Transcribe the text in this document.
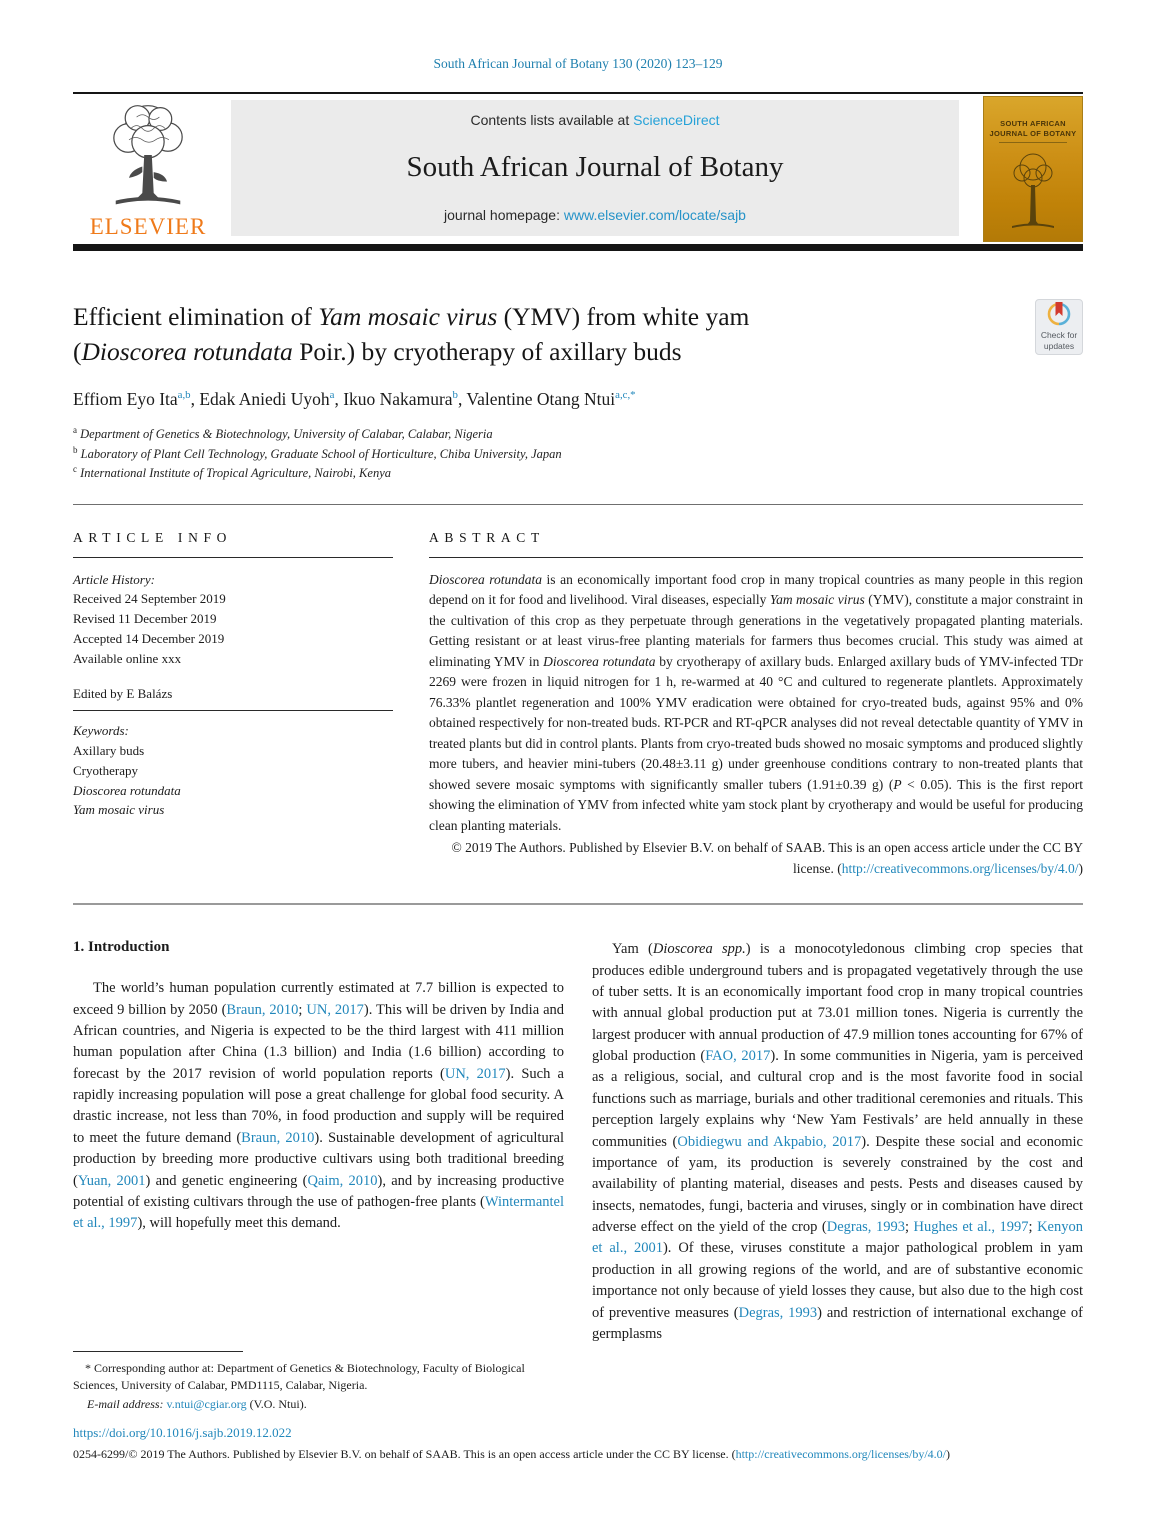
South African Journal of Botany 130 (2020) 123–129
ELSEVIER
Contents lists available at ScienceDirect
South African Journal of Botany
journal homepage: www.elsevier.com/locate/sajb
SOUTH AFRICAN
JOURNAL OF BOTANY
Efficient elimination of Yam mosaic virus (YMV) from white yam
(Dioscorea rotundata Poir.) by cryotherapy of axillary buds
Check for
updates
Effiom Eyo Ita$^{a,b}$, Edak Aniedi Uyoh$^a$, Ikuo Nakamura$^b$, Valentine Otang Ntui$^{a,c,*}$
$^a$ Department of Genetics & Biotechnology, University of Calabar, Calabar, Nigeria
$^b$ Laboratory of Plant Cell Technology, Graduate School of Horticulture, Chiba University, Japan
$^c$ International Institute of Tropical Agriculture, Nairobi, Kenya
ARTICLE INFO
Article History:
Received 24 September 2019
Revised 11 December 2019
Accepted 14 December 2019
Available online xxx
Edited by E Balázs
Keywords:
Axillary buds
Cryotherapy
Dioscorea rotundata
Yam mosaic virus
ABSTRACT
Dioscorea rotundata is an economically important food crop in many tropical countries as many people in this region depend on it for food and livelihood. Viral diseases, especially Yam mosaic virus (YMV), constitute a major constraint in the cultivation of this crop as they perpetuate through generations in the vegetatively propagated planting materials. Getting resistant or at least virus-free planting materials for farmers thus becomes crucial. This study was aimed at eliminating YMV in Dioscorea rotundata by cryotherapy of axillary buds. Enlarged axillary buds of YMV-infected TDr 2269 were frozen in liquid nitrogen for 1 h, re-warmed at 40 °C and cultured to regenerate plantlets. Approximately 76.33% plantlet regeneration and 100% YMV eradication were obtained for cryo-treated buds, against 95% and 0% obtained respectively for non-treated buds. RT-PCR and RT-qPCR analyses did not reveal detectable quantity of YMV in treated plants but did in control plants. Plants from cryo-treated buds showed no mosaic symptoms and produced slightly more tubers, and heavier mini-tubers (20.48±3.11 g) under greenhouse conditions contrary to non-treated plants that showed severe mosaic symptoms with significantly smaller tubers (1.91±0.39 g) (P < 0.05). This is the first report showing the elimination of YMV from infected white yam stock plant by cryotherapy and would be useful for producing clean planting materials.
© 2019 The Authors. Published by Elsevier B.V. on behalf of SAAB. This is an open access article under the CC BY license. (http://creativecommons.org/licenses/by/4.0/)
1. Introduction
The world’s human population currently estimated at 7.7 billion is expected to exceed 9 billion by 2050 (Braun, 2010; UN, 2017). This will be driven by India and African countries, and Nigeria is expected to be the third largest with 411 million human population after China (1.3 billion) and India (1.6 billion) according to forecast by the 2017 revision of world population reports (UN, 2017). Such a rapidly increasing population will pose a great challenge for global food security. A drastic increase, not less than 70%, in food production and supply will be required to meet the future demand (Braun, 2010). Sustainable development of agricultural production by breeding more productive cultivars using both traditional breeding (Yuan, 2001) and genetic engineering (Qaim, 2010), and by increasing productive potential of existing cultivars through the use of pathogen-free plants (Wintermantel et al., 1997), will hopefully meet this demand.
* Corresponding author at: Department of Genetics & Biotechnology, Faculty of Biological Sciences, University of Calabar, PMD1115, Calabar, Nigeria.
E-mail address: v.ntui@cgiar.org (V.O. Ntui).
Yam (Dioscorea spp.) is a monocotyledonous climbing crop species that produces edible underground tubers and is propagated vegetatively through the use of tuber setts. It is an economically important food crop in many tropical countries with annual global production put at 73.01 million tones. Nigeria is currently the largest producer with annual production of 47.9 million tones accounting for 67% of global production (FAO, 2017). In some communities in Nigeria, yam is perceived as a religious, social, and cultural crop and is the most favorite food in social functions such as marriage, burials and other traditional ceremonies and rituals. This perception largely explains why ‘New Yam Festivals’ are held annually in these communities (Obidiegwu and Akpabio, 2017). Despite these social and economic importance of yam, its production is severely constrained by the cost and availability of planting material, diseases and pests. Pests and diseases caused by insects, nematodes, fungi, bacteria and viruses, singly or in combination have direct adverse effect on the yield of the crop (Degras, 1993; Hughes et al., 1997; Kenyon et al., 2001). Of these, viruses constitute a major pathological problem in yam production in all growing regions of the world, and are of substantive economic importance not only because of yield losses they cause, but also due to the high cost of preventive measures (Degras, 1993) and restriction of international exchange of germplasms
https://doi.org/10.1016/j.sajb.2019.12.022
0254-6299/© 2019 The Authors. Published by Elsevier B.V. on behalf of SAAB. This is an open access article under the CC BY license. (http://creativecommons.org/licenses/by/4.0/)
